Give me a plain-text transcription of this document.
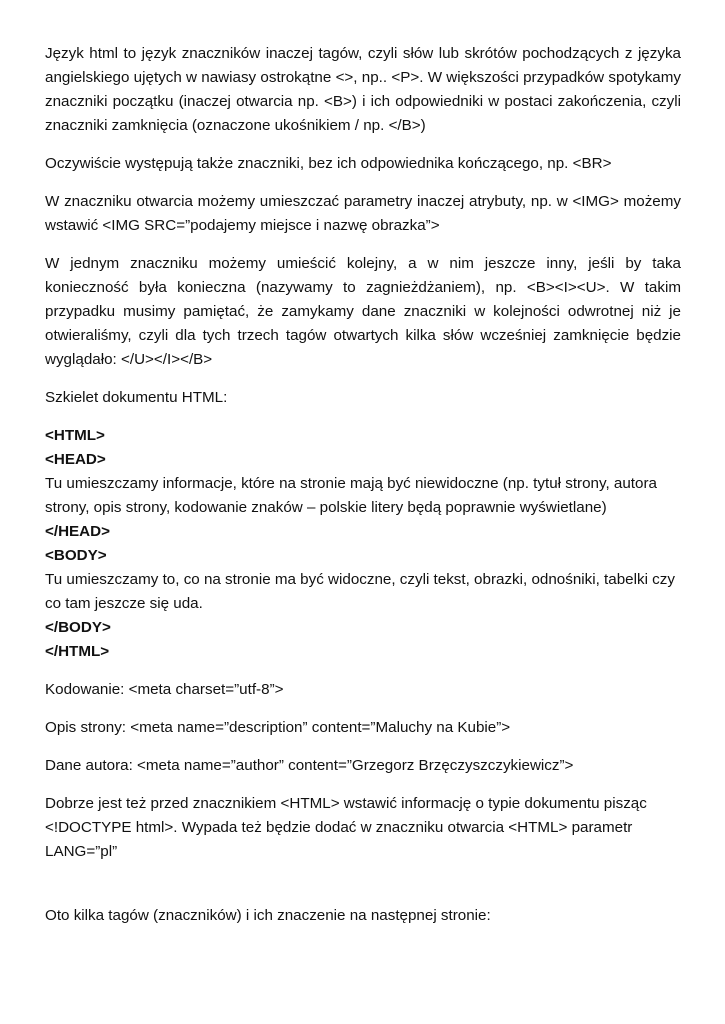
Język html to język znaczników inaczej tagów, czyli słów lub skrótów pochodzących z języka angielskiego ujętych w nawiasy ostrokątne <>, np.. <P>. W większości przypadków spotykamy znaczniki początku (inaczej otwarcia np. <B>) i ich odpowiedniki w postaci zakończenia, czyli znaczniki zamknięcia (oznaczone ukośnikiem / np. </B>)

Oczywiście występują także znaczniki, bez ich odpowiednika kończącego, np. <BR>

W znaczniku otwarcia możemy umieszczać parametry inaczej atrybuty, np. w <IMG> możemy wstawić <IMG SRC=”podajemy miejsce i nazwę obrazka”>

W jednym znaczniku możemy umieścić kolejny, a w nim jeszcze inny, jeśli by taka konieczność była konieczna (nazywamy to zagnieżdżaniem), np. <B><I><U>. W takim przypadku musimy pamiętać, że zamykamy dane znaczniki w kolejności odwrotnej niż je otwieraliśmy, czyli dla tych trzech tagów otwartych kilka słów wcześniej zamknięcie będzie wyglądało: </U></I></B>

Szkielet dokumentu HTML:

<HTML>
<HEAD>
Tu umieszczamy informacje, które na stronie mają być niewidoczne (np. tytuł strony, autora strony, opis strony, kodowanie znaków – polskie litery będą poprawnie wyświetlane)
</HEAD>
<BODY>
Tu umieszczamy to, co na stronie ma być widoczne, czyli tekst, obrazki, odnośniki, tabelki czy co tam jeszcze się uda.
</BODY>
</HTML>

Kodowanie: <meta charset=”utf-8”>

Opis strony: <meta name=”description” content=”Maluchy na Kubie”>

Dane autora: <meta name=”author” content=”Grzegorz Brzęczyszczykiewicz”>

Dobrze jest też przed znacznikiem <HTML> wstawić informację o typie dokumentu pisząc
<!DOCTYPE html>. Wypada też będzie dodać w znaczniku otwarcia <HTML> parametr
LANG=”pl”

Oto kilka tagów (znaczników) i ich znaczenie na następnej stronie:
